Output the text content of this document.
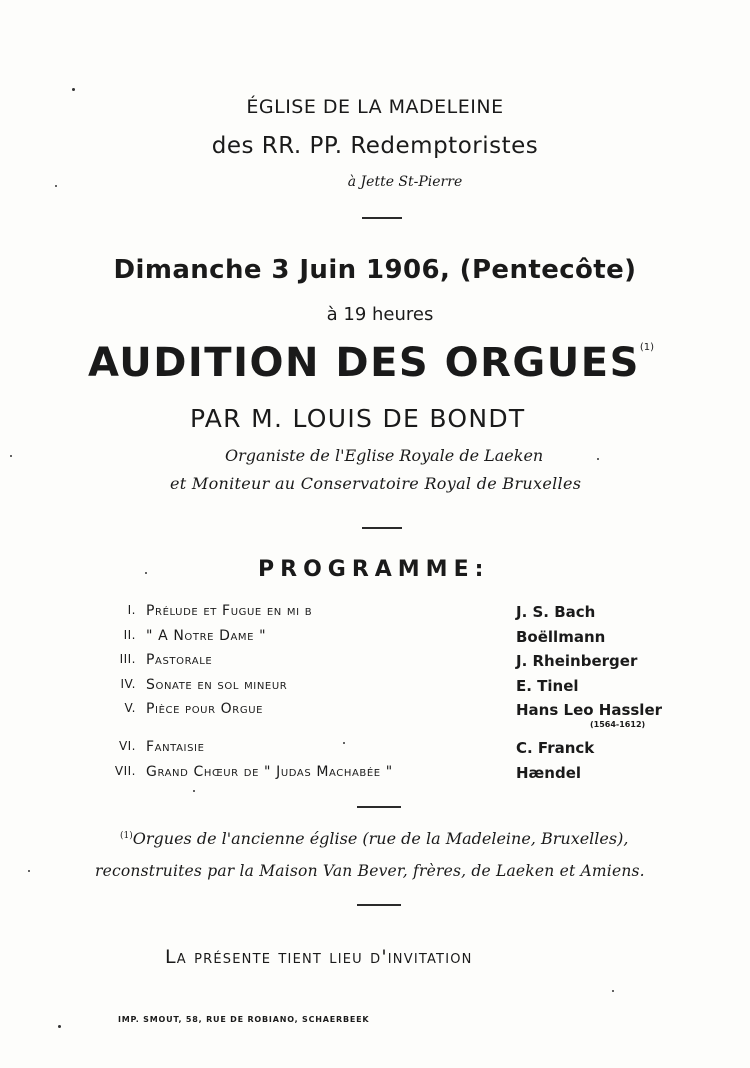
ÉGLISE DE LA MADELEINE
des RR. PP. Redemptoristes
à Jette St-Pierre
Dimanche 3 Juin 1906, (Pentecôte)
à 19 heures
AUDITION DES ORGUES$^{(1)}$
PAR M. LOUIS DE BONDT
Organiste de l'Eglise Royale de Laeken
et Moniteur au Conservatoire Royal de Bruxelles
PROGRAMME:
I. Prélude et Fugue en mi b	J. S. Bach
II. " A Notre Dame "	Boëllmann
III. Pastorale	J. Rheinberger
IV. Sonate en sol mineur	E. Tinel
V. Pièce pour Orgue	Hans Leo Hassler
(1564-1612)
VI. Fantaisie	C. Franck
VII. Grand Chœur de " Judas Machabée "	Hændel
$^{(1)}$Orgues de l'ancienne église (rue de la Madeleine, Bruxelles),
reconstruites par la Maison Van Bever, frères, de Laeken et Amiens.
La présente tient lieu d'invitation
IMP. SMOUT, 58, RUE DE ROBIANO, SCHAERBEEK
